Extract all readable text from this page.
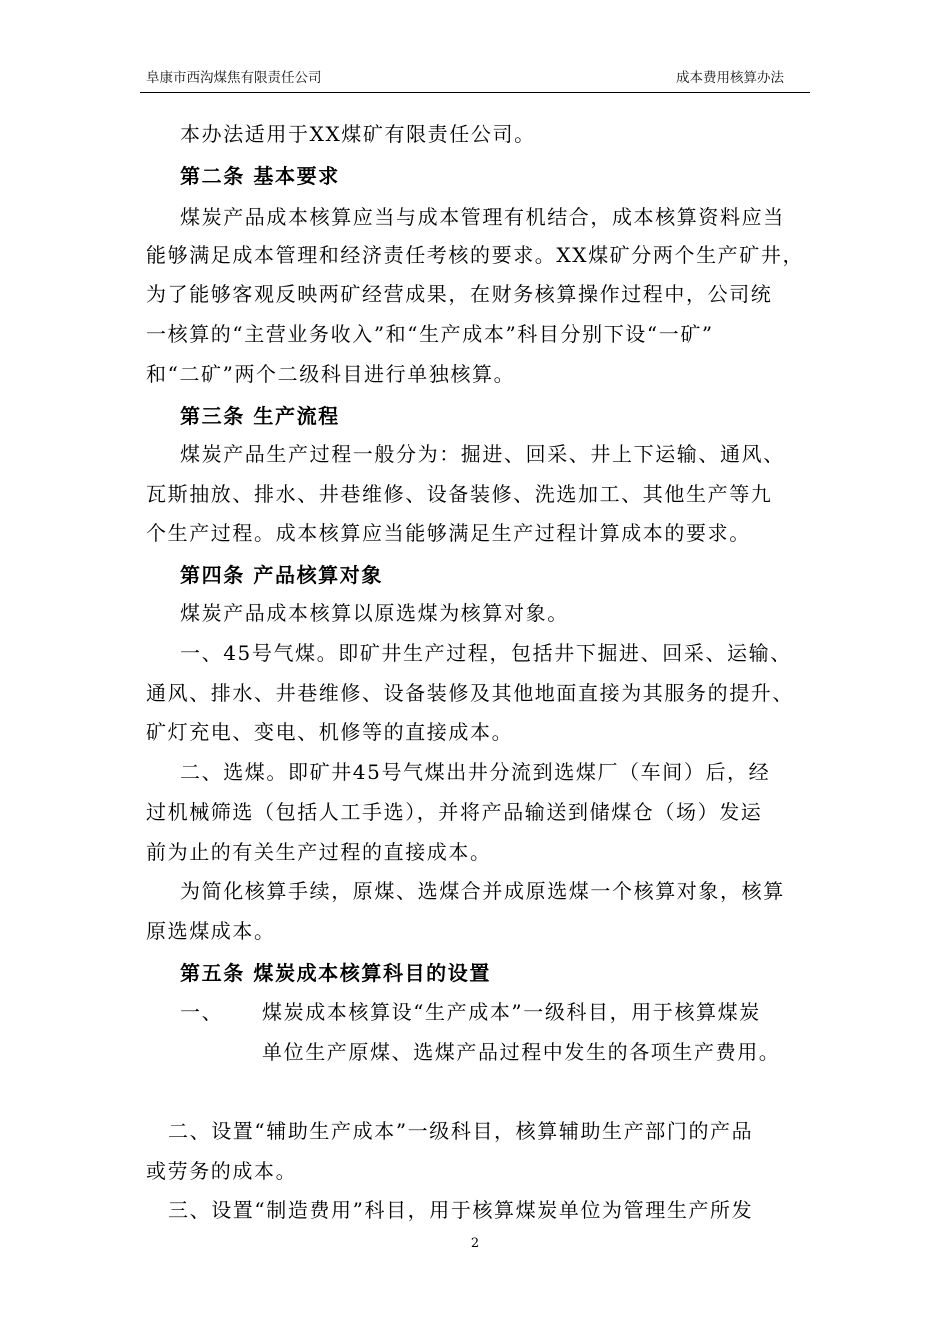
阜康市西沟煤焦有限责任公司	成本费用核算办法
本办法适用于XX煤矿有限责任公司。
第二条 基本要求
煤炭产品成本核算应当与成本管理有机结合，成本核算资料应当
能够满足成本管理和经济责任考核的要求。XX煤矿分两个生产矿井，
为了能够客观反映两矿经营成果，在财务核算操作过程中，公司统
一核算的“主营业务收入”和“生产成本”科目分别下设“一矿”
和“二矿”两个二级科目进行单独核算。
第三条 生产流程
煤炭产品生产过程一般分为：掘进、回采、井上下运输、通风、
瓦斯抽放、排水、井巷维修、设备装修、洗选加工、其他生产等九
个生产过程。成本核算应当能够满足生产过程计算成本的要求。
第四条 产品核算对象
煤炭产品成本核算以原选煤为核算对象。
一、45号气煤。即矿井生产过程，包括井下掘进、回采、运输、
通风、排水、井巷维修、设备装修及其他地面直接为其服务的提升、
矿灯充电、变电、机修等的直接成本。
二、选煤。即矿井45号气煤出井分流到选煤厂（车间）后，经
过机械筛选（包括人工手选），并将产品输送到储煤仓（场）发运
前为止的有关生产过程的直接成本。
为简化核算手续，原煤、选煤合并成原选煤一个核算对象，核算
原选煤成本。
第五条 煤炭成本核算科目的设置
一、 煤炭成本核算设“生产成本”一级科目，用于核算煤炭
单位生产原煤、选煤产品过程中发生的各项生产费用。
二、设置“辅助生产成本”一级科目，核算辅助生产部门的产品
或劳务的成本。
三、设置“制造费用”科目，用于核算煤炭单位为管理生产所发
2
